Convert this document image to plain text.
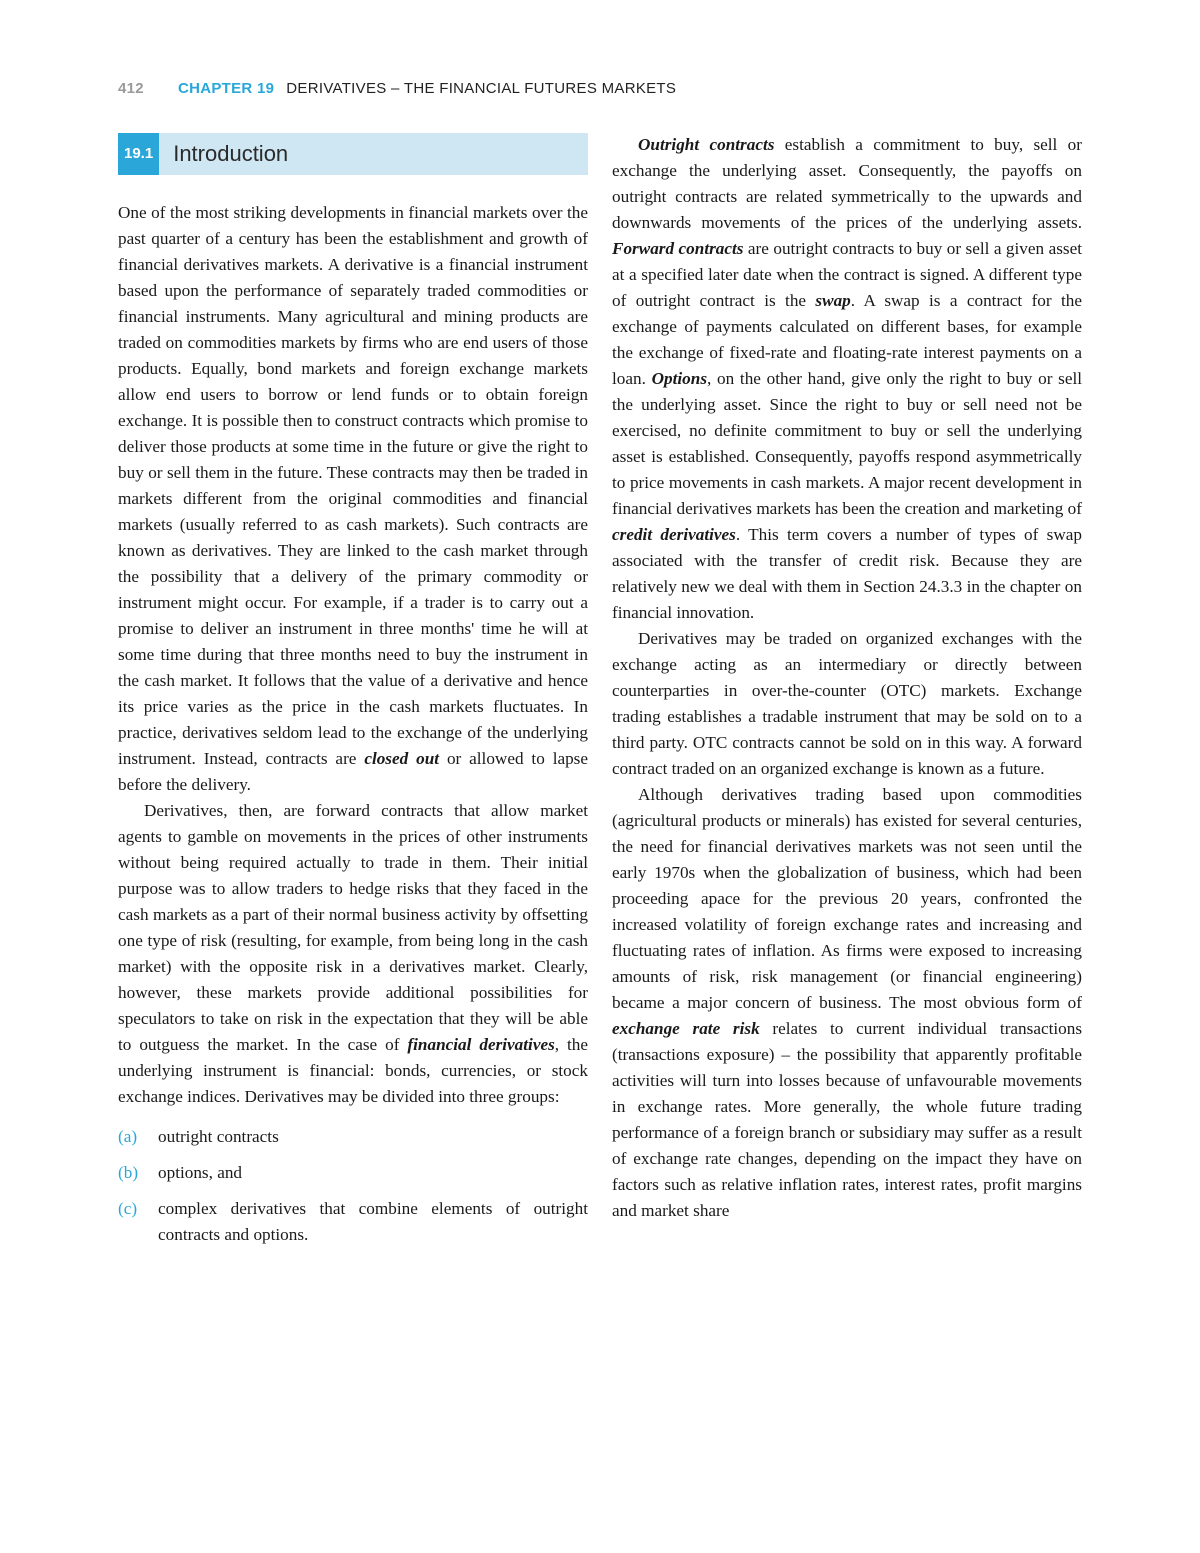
412 CHAPTER 19 DERIVATIVES – THE FINANCIAL FUTURES MARKETS
19.1 Introduction

One of the most striking developments in financial markets over the past quarter of a century has been the establishment and growth of financial derivatives markets. A derivative is a financial instrument based upon the performance of separately traded commodities or financial instruments. Many agricultural and mining products are traded on commodities markets by firms who are end users of those products. Equally, bond markets and foreign exchange markets allow end users to borrow or lend funds or to obtain foreign exchange. It is possible then to construct contracts which promise to deliver those products at some time in the future or give the right to buy or sell them in the future. These contracts may then be traded in markets different from the original commodities and financial markets (usually referred to as cash markets). Such contracts are known as derivatives. They are linked to the cash market through the possibility that a delivery of the primary commodity or instrument might occur. For example, if a trader is to carry out a promise to deliver an instrument in three months' time he will at some time during that three months need to buy the instrument in the cash market. It follows that the value of a derivative and hence its price varies as the price in the cash markets fluctuates. In practice, derivatives seldom lead to the exchange of the underlying instrument. Instead, contracts are closed out or allowed to lapse before the delivery.

Derivatives, then, are forward contracts that allow market agents to gamble on movements in the prices of other instruments without being required actually to trade in them. Their initial purpose was to allow traders to hedge risks that they faced in the cash markets as a part of their normal business activity by offsetting one type of risk (resulting, for example, from being long in the cash market) with the opposite risk in a derivatives market. Clearly, however, these markets provide additional possibilities for speculators to take on risk in the expectation that they will be able to outguess the market. In the case of financial derivatives, the underlying instrument is financial: bonds, currencies, or stock exchange indices. Derivatives may be divided into three groups:

(a)	outright contracts
(b)	options, and
(c)	complex derivatives that combine elements of outright contracts and options.

Outright contracts establish a commitment to buy, sell or exchange the underlying asset. Consequently, the payoffs on outright contracts are related symmetrically to the upwards and downwards movements of the prices of the underlying assets. Forward contracts are outright contracts to buy or sell a given asset at a specified later date when the contract is signed. A different type of outright contract is the swap. A swap is a contract for the exchange of payments calculated on different bases, for example the exchange of fixed-rate and floating-rate interest payments on a loan. Options, on the other hand, give only the right to buy or sell the underlying asset. Since the right to buy or sell need not be exercised, no definite commitment to buy or sell the underlying asset is established. Consequently, payoffs respond asymmetrically to price movements in cash markets. A major recent development in financial derivatives markets has been the creation and marketing of credit derivatives. This term covers a number of types of swap associated with the transfer of credit risk. Because they are relatively new we deal with them in Section 24.3.3 in the chapter on financial innovation.

Derivatives may be traded on organized exchanges with the exchange acting as an intermediary or directly between counterparties in over-the-counter (OTC) markets. Exchange trading establishes a tradable instrument that may be sold on to a third party. OTC contracts cannot be sold on in this way. A forward contract traded on an organized exchange is known as a future.

Although derivatives trading based upon commodities (agricultural products or minerals) has existed for several centuries, the need for financial derivatives markets was not seen until the early 1970s when the globalization of business, which had been proceeding apace for the previous 20 years, confronted the increased volatility of foreign exchange rates and increasing and fluctuating rates of inflation. As firms were exposed to increasing amounts of risk, risk management (or financial engineering) became a major concern of business. The most obvious form of exchange rate risk relates to current individual transactions (transactions exposure) – the possibility that apparently profitable activities will turn into losses because of unfavourable movements in exchange rates. More generally, the whole future trading performance of a foreign branch or subsidiary may suffer as a result of exchange rate changes, depending on the impact they have on factors such as relative inflation rates, interest rates, profit margins and market share
